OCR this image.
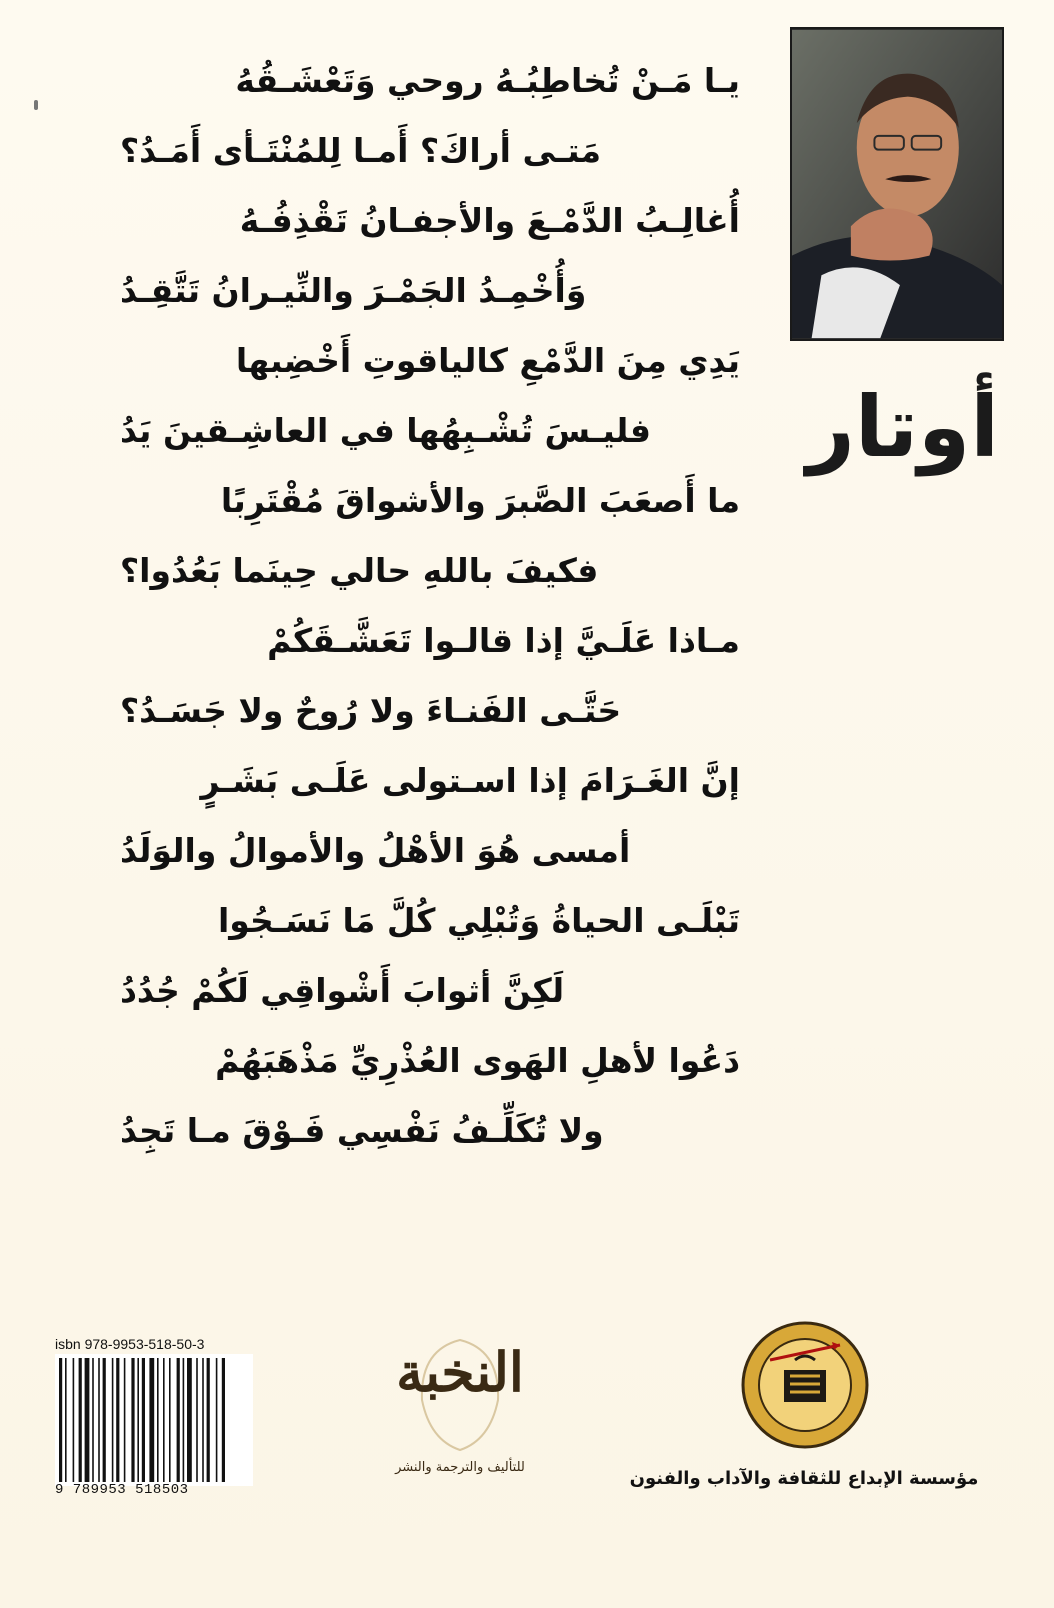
أوتار
يـا مَـنْ تُخاطِبُـهُ روحي وَتَعْشَـقُهُ
مَتـى أراكَ؟ أَمـا لِلمُنْتَـأى أَمَـدُ؟
أُغالِـبُ الدَّمْـعَ والأجفـانُ تَقْذِفُـهُ
وَأُخْمِـدُ الجَمْـرَ والنِّيـرانُ تَتَّقِـدُ
يَدِي مِنَ الدَّمْعِ كالياقوتِ أَخْضِبها
فليـسَ تُشْـبِهُها في العاشِـقينَ يَدُ
ما أَصعَبَ الصَّبرَ والأشواقَ مُقْتَرِبًا
فكيفَ باللهِ حالي حِينَما بَعُدُوا؟
مـاذا عَلَـيَّ إذا قالـوا تَعَشَّـقَكُمْ
حَتَّـى الفَنـاءَ ولا رُوحٌ ولا جَسَـدُ؟
إنَّ الغَـرَامَ إذا اسـتولى عَلَـى بَشَـرٍ
أمسى هُوَ الأهْلُ والأموالُ والوَلَدُ
تَبْلَـى الحياةُ وَتُبْلِي كُلَّ مَا نَسَـجُوا
لَكِنَّ أثوابَ أَشْواقِي لَكُمْ جُدُدُ
دَعُوا لأهلِ الهَوى العُذْرِيِّ مَذْهَبَهُمْ
ولا تُكَلِّـفُ نَفْسِي فَـوْقَ مـا تَجِدُ
isbn 978-9953-518-50-3
9 789953 518503
النخبة
للتأليف والترجمة والنشر
مؤسسة الإبداع للثقافة والآداب والفنون
